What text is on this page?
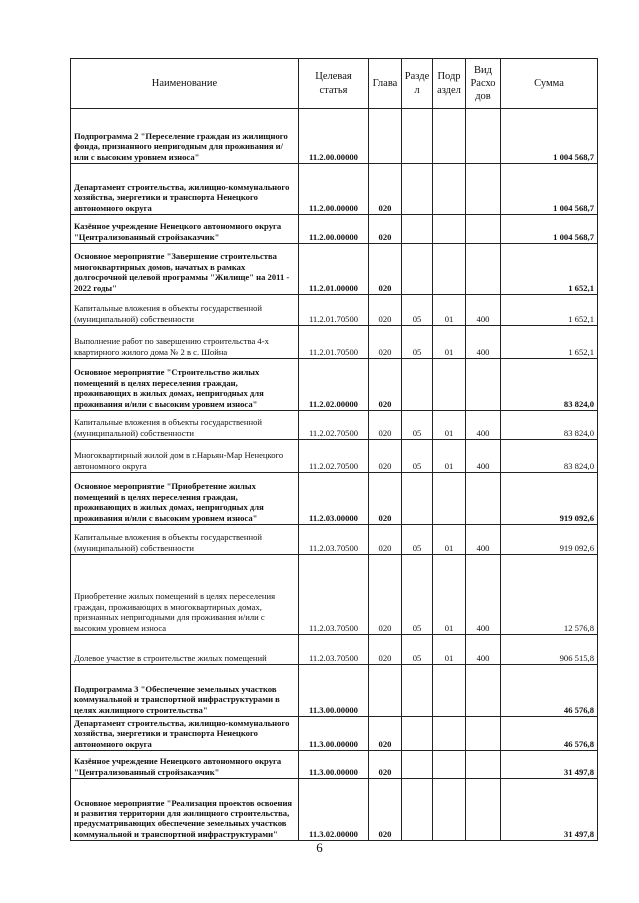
Наименование	Целевая статья	Глава	Разде л	Подр аздел	Вид Расхо дов	Сумма
Подпрограмма 2 "Переселение граждан из жилищного фонда, признанного непригодным для проживания и/или с высоким уровнем износа"	11.2.00.00000					1 004 568,7
Департамент строительства, жилищно-коммунального хозяйства, энергетики и транспорта Ненецкого автономного округа	11.2.00.00000	020				1 004 568,7
Казённое учреждение Ненецкого автономного округа "Централизованный стройзаказчик"	11.2.00.00000	020				1 004 568,7
Основное мероприятие "Завершение строительства многоквартирных домов, начатых в рамках долгосрочной целевой программы "Жилище" на 2011 - 2022 годы"	11.2.01.00000	020				1 652,1
Капитальные вложения в объекты государственной (муниципальной) собственности	11.2.01.70500	020	05	01	400	1 652,1
Выполнение работ по завершению строительства 4-х квартирного жилого дома № 2 в с. Шойна	11.2.01.70500	020	05	01	400	1 652,1
Основное мероприятие "Строительство жилых помещений в целях переселения граждан, проживающих в жилых домах, непригодных для проживания и/или с высоким уровнем износа"	11.2.02.00000	020				83 824,0
Капитальные вложения в объекты государственной (муниципальной) собственности	11.2.02.70500	020	05	01	400	83 824,0
Многоквартирный жилой дом в г.Нарьян-Мар Ненецкого автономного округа	11.2.02.70500	020	05	01	400	83 824,0
Основное мероприятие "Приобретение жилых помещений в целях переселения граждан, проживающих в жилых домах, непригодных для проживания и/или с высоким уровнем износа"	11.2.03.00000	020				919 092,6
Капитальные вложения в объекты государственной (муниципальной) собственности	11.2.03.70500	020	05	01	400	919 092,6
Приобретение жилых помещений в целях переселения граждан, проживающих в многоквартирных домах, признанных непригодными для проживания и/или с высоким уровнем износа	11.2.03.70500	020	05	01	400	12 576,8
Долевое участие в строительстве жилых помещений	11.2.03.70500	020	05	01	400	906 515,8
Подпрограмма 3 "Обеспечение земельных участков коммунальной и транспортной инфраструктурами в целях жилищного строительства"	11.3.00.00000					46 576,8
Департамент строительства, жилищно-коммунального хозяйства, энергетики и транспорта Ненецкого автономного округа	11.3.00.00000	020				46 576,8
Казённое учреждение Ненецкого автономного округа "Централизованный стройзаказчик"	11.3.00.00000	020				31 497,8
Основное мероприятие "Реализация проектов освоения и развития территории для жилищного строительства, предусматривающих обеспечение земельных участков коммунальной и транспортной инфраструктурами"	11.3.02.00000	020				31 497,8
6
